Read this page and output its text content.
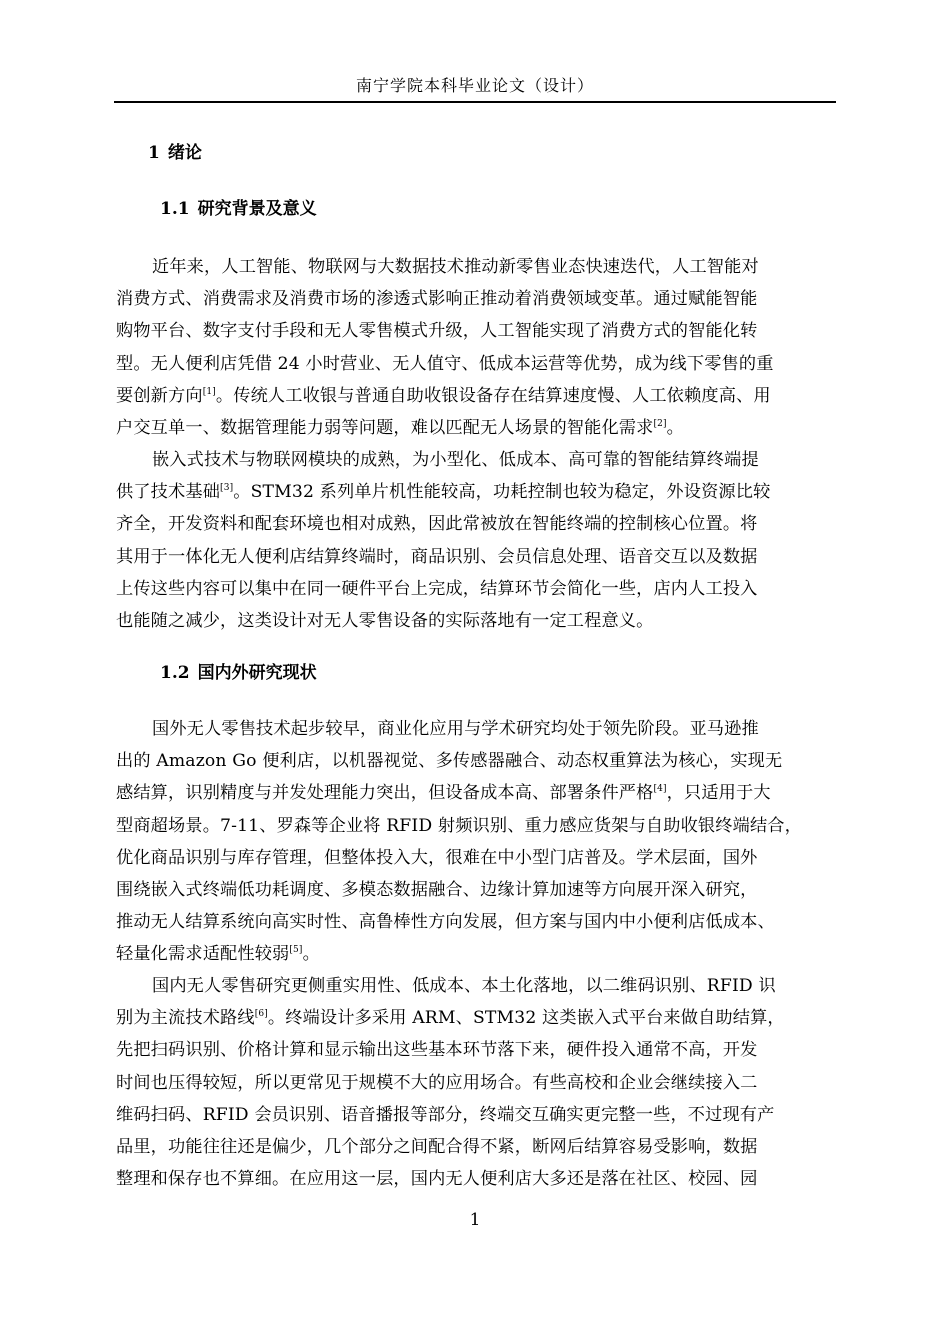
南宁学院本科毕业论文（设计）
1 绪论
1.1 研究背景及意义
近年来，人工智能、物联网与大数据技术推动新零售业态快速迭代，人工智能对
消费方式、消费需求及消费市场的渗透式影响正推动着消费领域变革。通过赋能智能
购物平台、数字支付手段和无人零售模式升级，人工智能实现了消费方式的智能化转
型。无人便利店凭借 24 小时营业、无人值守、低成本运营等优势，成为线下零售的重
要创新方向[1]。传统人工收银与普通自助收银设备存在结算速度慢、人工依赖度高、用
户交互单一、数据管理能力弱等问题，难以匹配无人场景的智能化需求[2]。
嵌入式技术与物联网模块的成熟，为小型化、低成本、高可靠的智能结算终端提
供了技术基础[3]。STM32 系列单片机性能较高，功耗控制也较为稳定，外设资源比较
齐全，开发资料和配套环境也相对成熟，因此常被放在智能终端的控制核心位置。将
其用于一体化无人便利店结算终端时，商品识别、会员信息处理、语音交互以及数据
上传这些内容可以集中在同一硬件平台上完成，结算环节会简化一些，店内人工投入
也能随之减少，这类设计对无人零售设备的实际落地有一定工程意义。
1.2 国内外研究现状
国外无人零售技术起步较早，商业化应用与学术研究均处于领先阶段。亚马逊推
出的 Amazon Go 便利店，以机器视觉、多传感器融合、动态权重算法为核心，实现无
感结算，识别精度与并发处理能力突出，但设备成本高、部署条件严格[4]，只适用于大
型商超场景。7-11、罗森等企业将 RFID 射频识别、重力感应货架与自助收银终端结合，
优化商品识别与库存管理，但整体投入大，很难在中小型门店普及。学术层面，国外
围绕嵌入式终端低功耗调度、多模态数据融合、边缘计算加速等方向展开深入研究，
推动无人结算系统向高实时性、高鲁棒性方向发展，但方案与国内中小便利店低成本、
轻量化需求适配性较弱[5]。
国内无人零售研究更侧重实用性、低成本、本土化落地，以二维码识别、RFID 识
别为主流技术路线[6]。终端设计多采用 ARM、STM32 这类嵌入式平台来做自助结算，
先把扫码识别、价格计算和显示输出这些基本环节落下来，硬件投入通常不高，开发
时间也压得较短，所以更常见于规模不大的应用场合。有些高校和企业会继续接入二
维码扫码、RFID 会员识别、语音播报等部分，终端交互确实更完整一些，不过现有产
品里，功能往往还是偏少，几个部分之间配合得不紧，断网后结算容易受影响，数据
整理和保存也不算细。在应用这一层，国内无人便利店大多还是落在社区、校园、园
1
